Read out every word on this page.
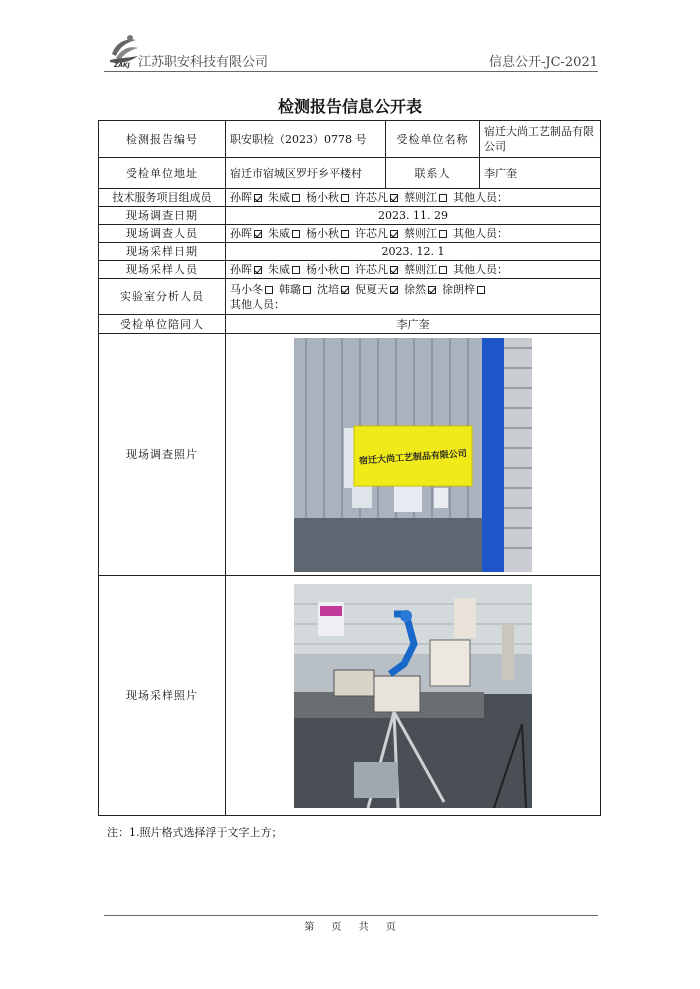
ZAKJ 江苏职安科技有限公司	信息公开-JC-2021
检测报告信息公开表
检测报告编号	职安职检（2023）0778 号	受检单位名称	宿迁大尚工艺制品有限公司
受检单位地址	宿迁市宿城区罗圩乡平楼村	联系人	李广奎
技术服务项目组成员	孙晖 朱威 杨小秋 许芯凡 蔡则江 其他人员：		
现场调查日期	2023. 11. 29		
现场调查人员	孙晖 朱威 杨小秋 许芯凡 蔡则江 其他人员：		
现场采样日期	2023. 12. 1		
现场采样人员	孙晖 朱威 杨小秋 许芯凡 蔡则江 其他人员：		
实验室分析人员	马小冬 韩璐 沈培 倪夏天 徐然 徐朗梓
其他人员：		
受检单位陪同人	李广奎		
现场调查照片	宿迁大尚工艺制品有限公司		

现场采样照片	
注：1.照片格式选择浮于文字上方；
第 页 共 页
